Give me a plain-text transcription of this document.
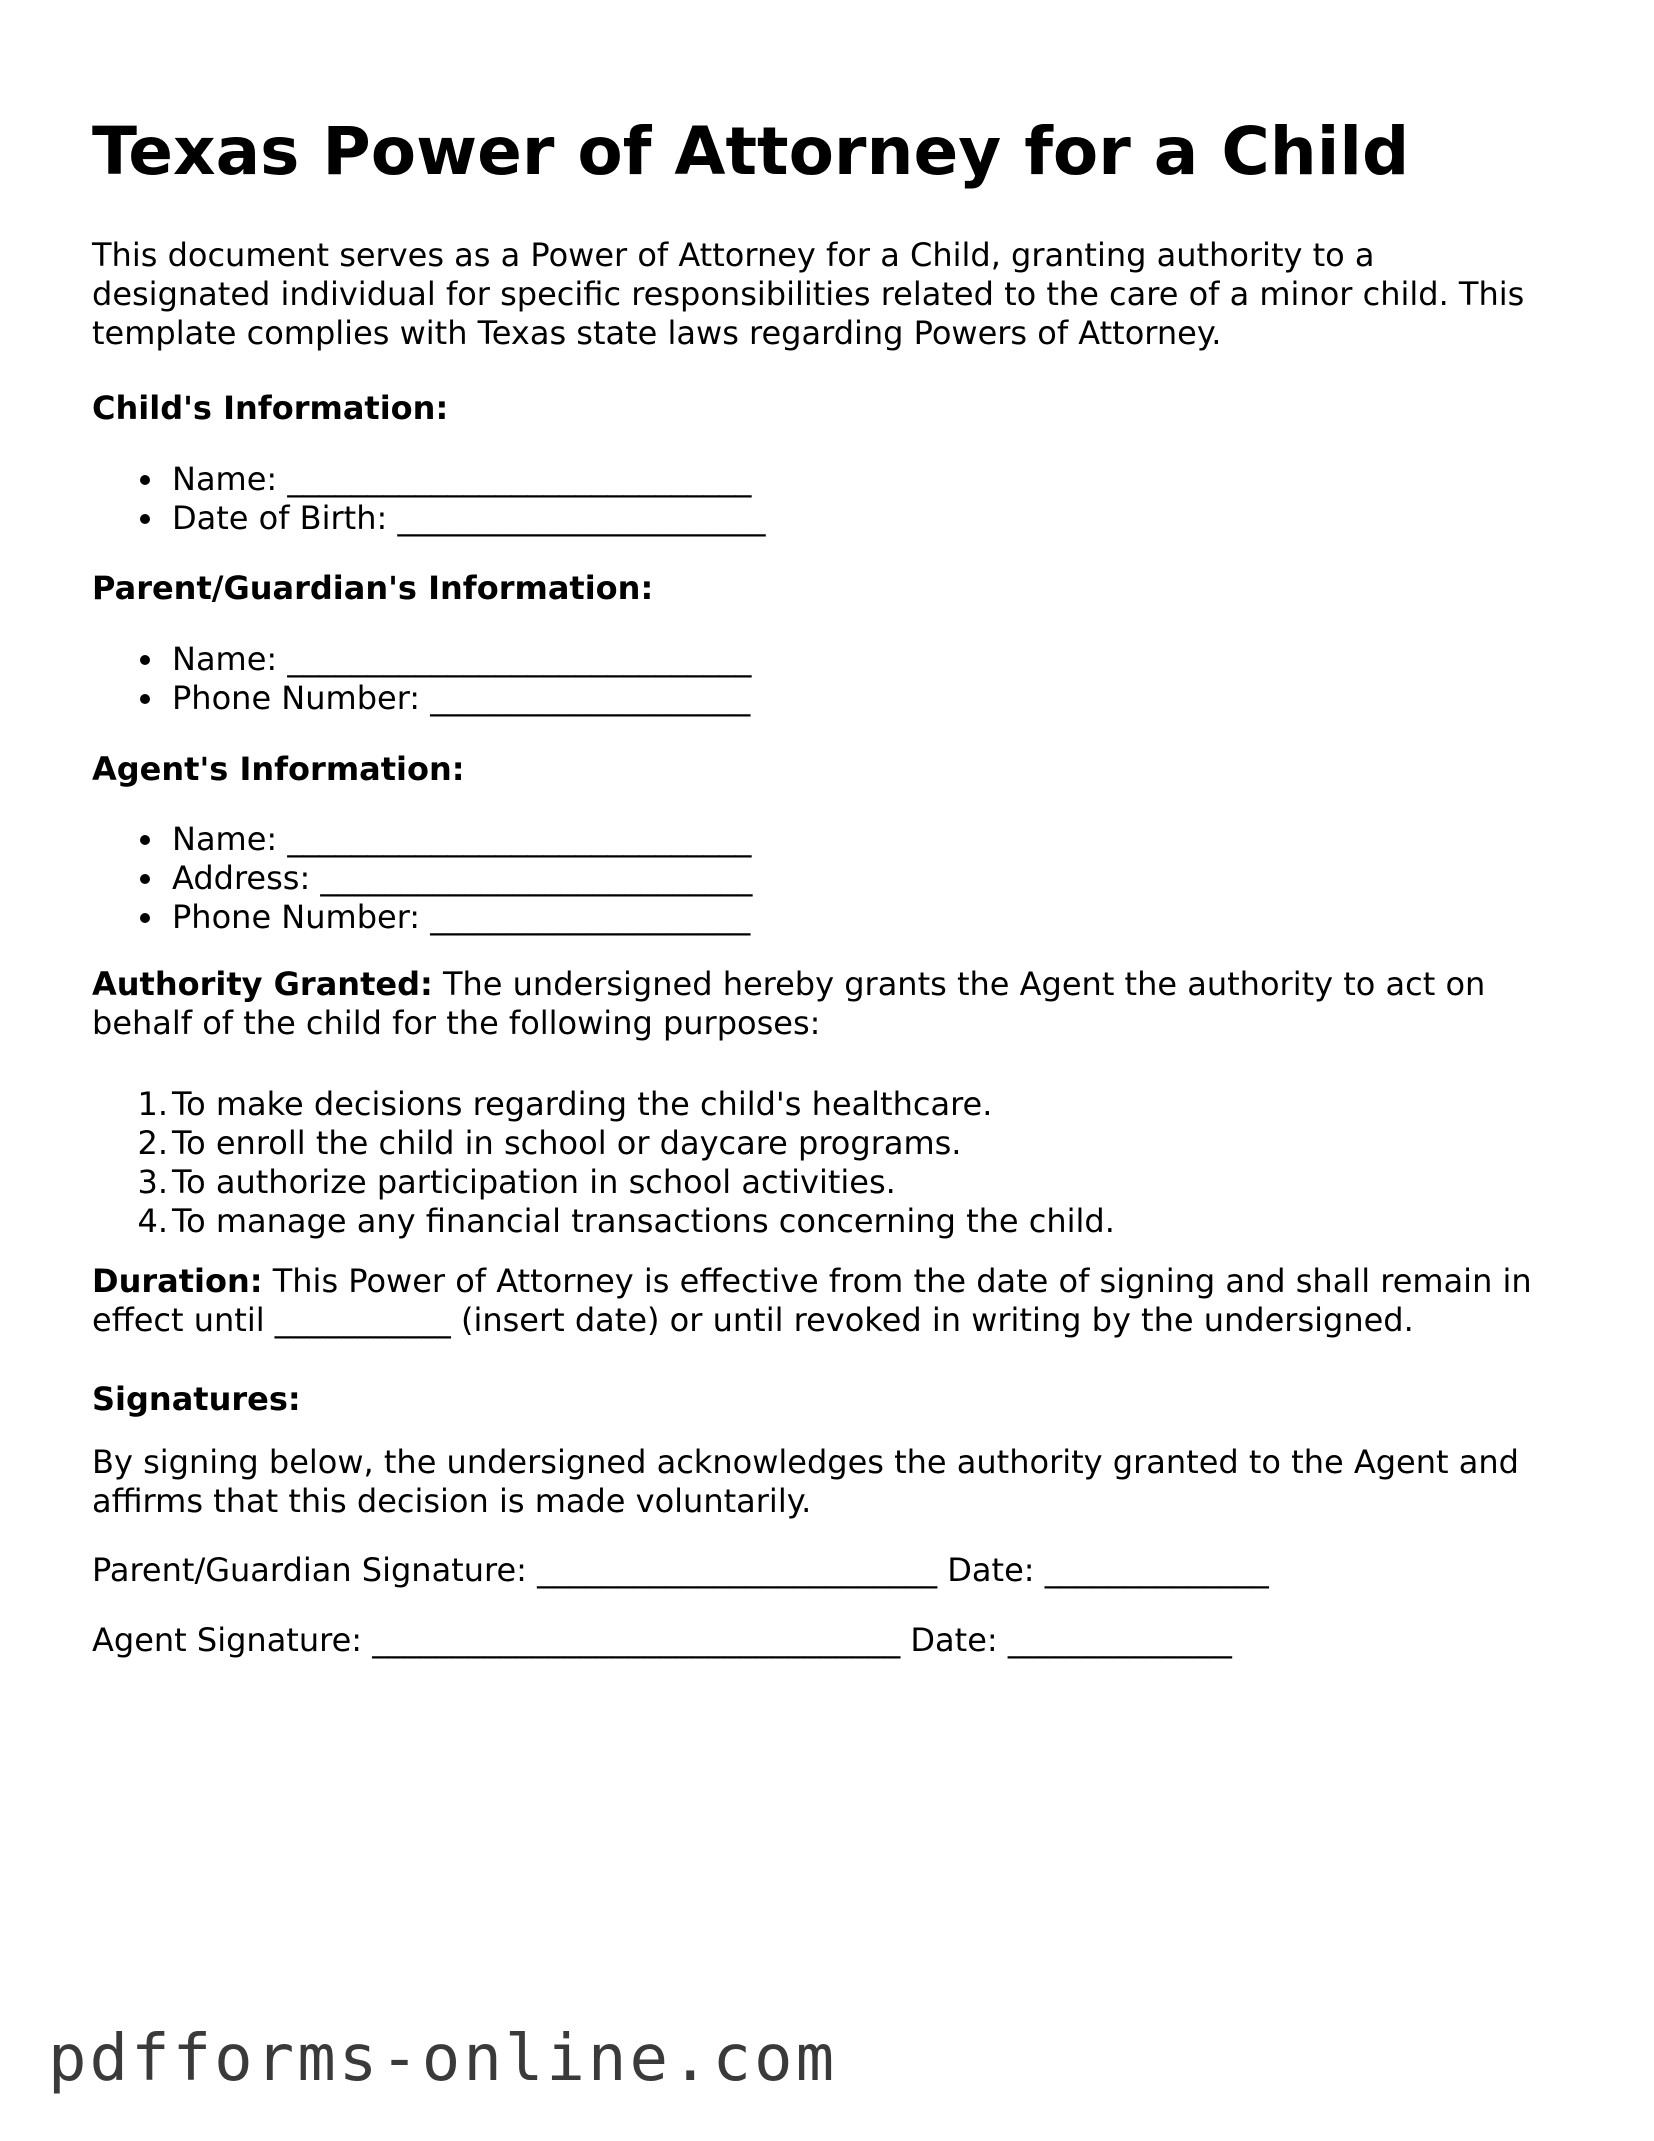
Texas Power of Attorney for a Child
This document serves as a Power of Attorney for a Child, granting authority to a
designated individual for specific responsibilities related to the care of a minor child. This
template complies with Texas state laws regarding Powers of Attorney.
Child's Information:
Name: _____________________________
Date of Birth: _______________________
Parent/Guardian's Information:
Name: _____________________________
Phone Number: ____________________
Agent's Information:
Name: _____________________________
Address: ___________________________
Phone Number: ____________________
Authority Granted: The undersigned hereby grants the Agent the authority to act on
behalf of the child for the following purposes:
1. To make decisions regarding the child's healthcare.
2. To enroll the child in school or daycare programs.
3. To authorize participation in school activities.
4. To manage any financial transactions concerning the child.
Duration: This Power of Attorney is effective from the date of signing and shall remain in
effect until ___________ (insert date) or until revoked in writing by the undersigned.
Signatures:
By signing below, the undersigned acknowledges the authority granted to the Agent and
affirms that this decision is made voluntarily.
Parent/Guardian Signature: _________________________ Date: ______________
Agent Signature: _________________________________ Date: ______________
pdfforms-online.com
